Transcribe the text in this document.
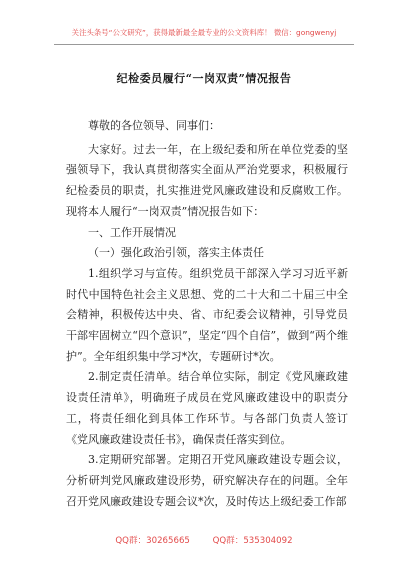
关注头条号“公文研究”，获得最新最全最专业的公文资料库！ 微信：gongwenyj
纪检委员履行“一岗双责”情况报告

尊敬的各位领导、同事们：

大家好。过去一年，在上级纪委和所在单位党委的坚强领导下，我认真贯彻落实全面从严治党要求，积极履行纪检委员的职责，扎实推进党风廉政建设和反腐败工作。现将本人履行“一岗双责”情况报告如下：

一、工作开展情况

（一）强化政治引领，落实主体责任

1.组织学习与宣传。组织党员干部深入学习习近平新时代中国特色社会主义思想、党的二十大和二十届三中全会精神，积极传达中央、省、市纪委会议精神，引导党员干部牢固树立“四个意识”，坚定“四个自信”，做到“两个维护”。全年组织集中学习*次，专题研讨*次。

2.制定责任清单。结合单位实际，制定《党风廉政建设责任清单》，明确班子成员在党风廉政建设中的职责分工，将责任细化到具体工作环节。与各部门负责人签订《党风廉政建设责任书》，确保责任落实到位。

3.定期研究部署。定期召开党风廉政建设专题会议，分析研判党风廉政建设形势，研究解决存在的问题。全年召开党风廉政建设专题会议*次，及时传达上级纪委工作部

QQ群：30265665	QQ群：535304092
